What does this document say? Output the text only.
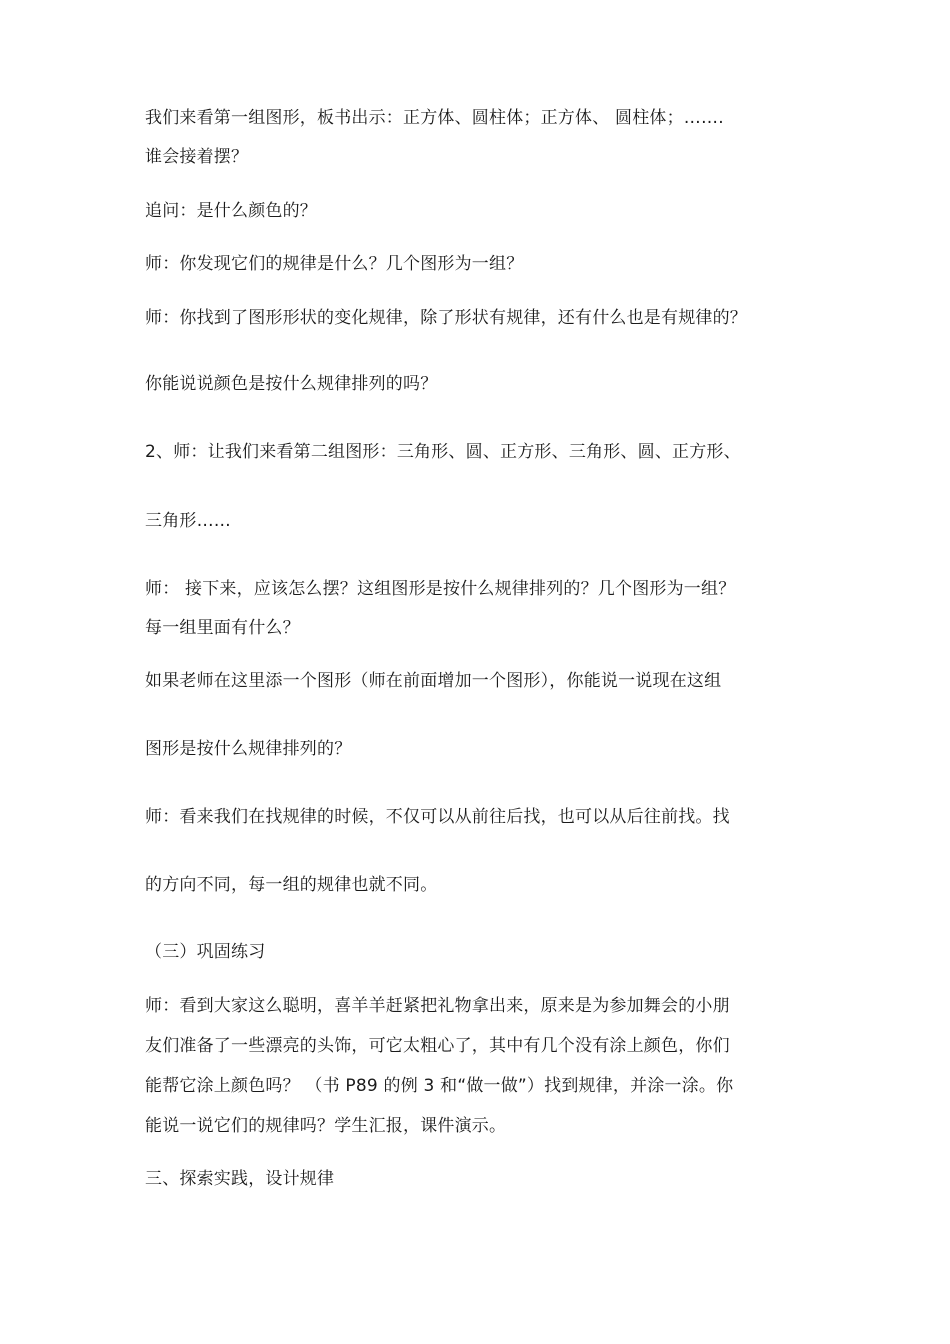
我们来看第一组图形，板书出示：正方体、圆柱体；正方体、 圆柱体；…….
谁会接着摆？
追问：是什么颜色的？
师：你发现它们的规律是什么？几个图形为一组？
师：你找到了图形形状的变化规律，除了形状有规律，还有什么也是有规律的？
你能说说颜色是按什么规律排列的吗？
2、师：让我们来看第二组图形：三角形、圆、正方形、三角形、圆、正方形、
三角形……
师： 接下来，应该怎么摆？这组图形是按什么规律排列的？几个图形为一组？
每一组里面有什么？
如果老师在这里添一个图形（师在前面增加一个图形），你能说一说现在这组
图形是按什么规律排列的？
师：看来我们在找规律的时候，不仅可以从前往后找，也可以从后往前找。找
的方向不同，每一组的规律也就不同。
（三）巩固练习
师：看到大家这么聪明，喜羊羊赶紧把礼物拿出来，原来是为参加舞会的小朋
友们准备了一些漂亮的头饰，可它太粗心了，其中有几个没有涂上颜色，你们
能帮它涂上颜色吗？ （书 P89 的例 3 和“做一做”）找到规律，并涂一涂。你
能说一说它们的规律吗？学生汇报，课件演示。
三、探索实践，设计规律
